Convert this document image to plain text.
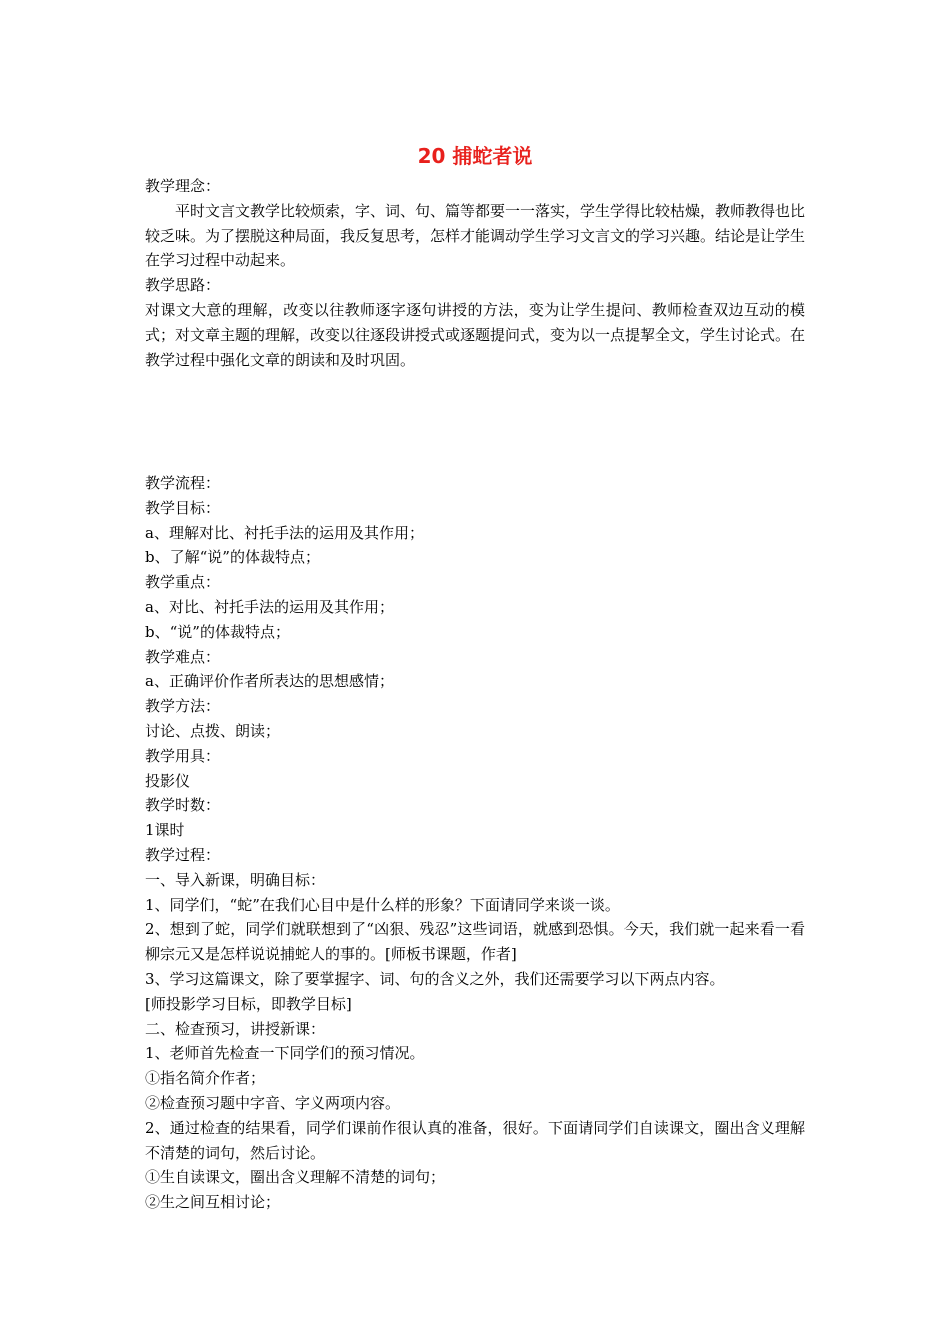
20 捕蛇者说
教学理念：
平时文言文教学比较烦索，字、词、句、篇等都要一一落实，学生学得比较枯燥，教师教得也比较乏味。为了摆脱这种局面，我反复思考，怎样才能调动学生学习文言文的学习兴趣。结论是让学生在学习过程中动起来。
教学思路：
对课文大意的理解，改变以往教师逐字逐句讲授的方法，变为让学生提问、教师检查双边互动的模式；对文章主题的理解，改变以往逐段讲授式或逐题提问式，变为以一点提挈全文，学生讨论式。在教学过程中强化文章的朗读和及时巩固。
教学流程：
教学目标：
a、理解对比、衬托手法的运用及其作用；
b、了解“说”的体裁特点；
教学重点：
a、对比、衬托手法的运用及其作用；
b、“说”的体裁特点；
教学难点：
a、正确评价作者所表达的思想感情；
教学方法：
讨论、点拨、朗读；
教学用具：
投影仪
教学时数：
1课时
教学过程：
一、导入新课，明确目标：
1、同学们，“蛇”在我们心目中是什么样的形象？下面请同学来谈一谈。
2、想到了蛇，同学们就联想到了“凶狠、残忍”这些词语，就感到恐惧。今天，我们就一起来看一看柳宗元又是怎样说说捕蛇人的事的。[师板书课题，作者]
3、学习这篇课文，除了要掌握字、词、句的含义之外，我们还需要学习以下两点内容。
[师投影学习目标，即教学目标]
二、检查预习，讲授新课：
1、老师首先检查一下同学们的预习情况。
①指名简介作者；
②检查预习题中字音、字义两项内容。
2、通过检查的结果看，同学们课前作很认真的准备，很好。下面请同学们自读课文，圈出含义理解不清楚的词句，然后讨论。
①生自读课文，圈出含义理解不清楚的词句；
②生之间互相讨论；
